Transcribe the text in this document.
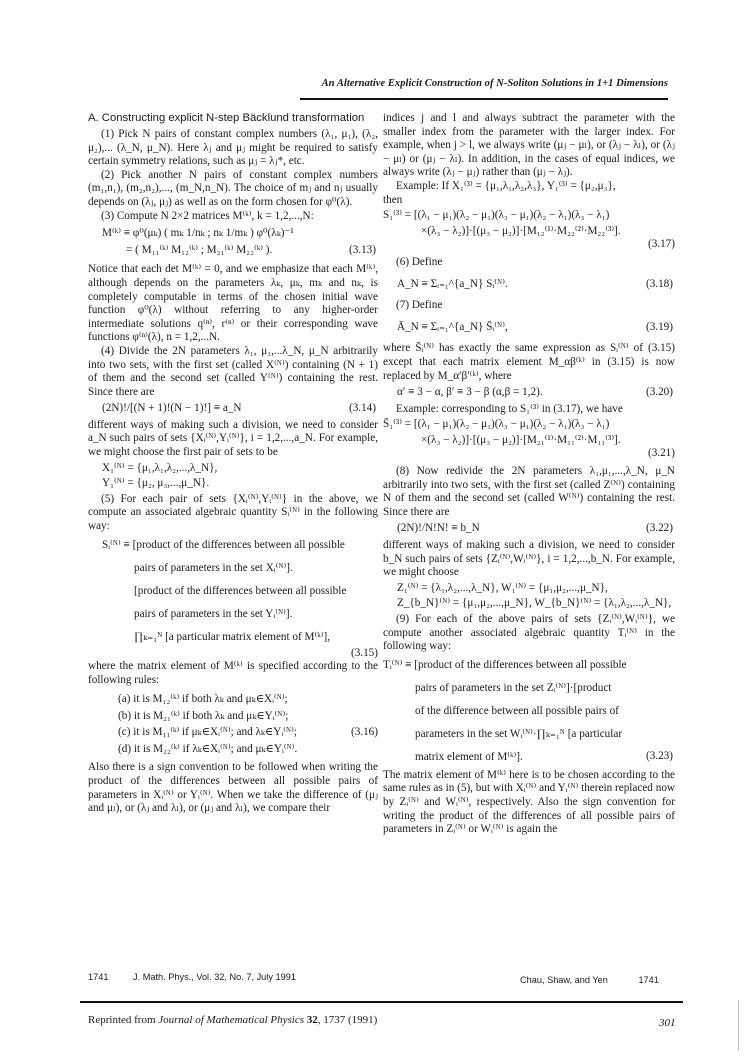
An Alternative Explicit Construction of N-Soliton Solutions in 1+1 Dimensions
A. Constructing explicit N-step Bäcklund transformation

(1) Pick N pairs of constant complex numbers (λ₁, μ₁), (λ₂, μ₂),... (λ_N, μ_N). Here λⱼ and μⱼ might be required to satisfy certain symmetry relations, such as μⱼ = λⱼ*, etc.

(2) Pick another N pairs of constant complex numbers (m₁,n₁), (m₂,n₂),..., (m_N,n_N). The choice of mⱼ and nⱼ usually depends on (λⱼ, μⱼ) as well as on the form chosen for φ⁰(λ).

(3) Compute N 2×2 matrices M⁽ᵏ⁾, k = 1,2,...,N:

M⁽ᵏ⁾ ≡ φ⁰(μₖ) ( mₖ 1/nₖ ; nₖ 1/mₖ ) φ⁰(λₖ)⁻¹
= ( M₁₁⁽ᵏ⁾ M₁₂⁽ᵏ⁾ ; M₂₁⁽ᵏ⁾ M₂₂⁽ᵏ⁾ ).	(3.13)

Notice that each det M⁽ᵏ⁾ = 0, and we emphasize that each M⁽ᵏ⁾, although depends on the parameters λₖ, μₖ, mₖ and nₖ, is completely computable in terms of the chosen initial wave function φ⁰(λ) without referring to any higher-order intermediate solutions q⁽ⁿ⁾, r⁽ⁿ⁾ or their corresponding wave functions φ⁽ⁿ⁾(λ), n = 1,2,...N.

(4) Divide the 2N parameters λ₁, μ₁,...λ_N, μ_N arbitrarily into two sets, with the first set (called X⁽ᴺ⁾) containing (N + 1) of them and the second set (called Y⁽ᴺ⁾) containing the rest. Since there are

(2N)!/[(N + 1)!(N − 1)!] ≡ a_N	(3.14)

different ways of making such a division, we need to consider a_N such pairs of sets {Xᵢ⁽ᴺ⁾,Yᵢ⁽ᴺ⁾}, i = 1,2,...,a_N. For example, we might choose the first pair of sets to be

X₁⁽ᴺ⁾ = {μ₁,λ₁,λ₂,...,λ_N},
Y₁⁽ᴺ⁾ = {μ₂, μ₃,...,μ_N}.

(5) For each pair of sets {Xᵢ⁽ᴺ⁾,Yᵢ⁽ᴺ⁾} in the above, we compute an associated algebraic quantity Sᵢ⁽ᴺ⁾ in the following way:

Sᵢ⁽ᴺ⁾ ≡ [product of the differences between all possible
pairs of parameters in the set Xᵢ⁽ᴺ⁾].
[product of the differences between all possible
pairs of parameters in the set Yᵢ⁽ᴺ⁾].
∏ₖ₌₁ᴺ [a particular matrix element of M⁽ᵏ⁾],
(3.15)

where the matrix element of M⁽ᵏ⁾ is specified according to the following rules:

(a) it is M₁₂⁽ᵏ⁾ if both λₖ and μₖ∈Xᵢ⁽ᴺ⁾;
(b) it is M₂₁⁽ᵏ⁾ if both λₖ and μₖ∈Yᵢ⁽ᴺ⁾;
(c) it is M₁₁⁽ᵏ⁾ if μₖ∈Xᵢ⁽ᴺ⁾; and λₖ∈Yᵢ⁽ᴺ⁾;	(3.16)
(d) it is M₂₂⁽ᵏ⁾ if λₖ∈Xᵢ⁽ᴺ⁾; and μₖ∈Yᵢ⁽ᴺ⁾.

Also there is a sign convention to be followed when writing the product of the differences between all possible pairs of parameters in Xᵢ⁽ᴺ⁾ or Yᵢ⁽ᴺ⁾. When we take the difference of (μⱼ and μₗ), or (λⱼ and λₗ), or (μⱼ and λₗ), we compare their

indices j and l and always subtract the parameter with the smaller index from the parameter with the larger index. For example, when j > l, we always write (μⱼ − μₗ), or (λⱼ − λₗ), or (λⱼ − μₗ) or (μⱼ − λₗ). In addition, in the cases of equal indices, we always write (λⱼ − μⱼ) rather than (μⱼ − λⱼ).

Example: If X₁⁽³⁾ = {μ₁,λ₁,λ₂,λ₃}, Y₁⁽³⁾ = {μ₂,μ₃},

then

S₁⁽³⁾ = [(λ₁ − μ₁)(λ₂ − μ₁)(λ₃ − μ₁)(λ₂ − λ₁)(λ₃ − λ₁)
×(λ₃ − λ₂)]·[(μ₃ − μ₂)]·[M₁₂⁽¹⁾·M₂₂⁽²⁾·M₂₂⁽³⁾].
(3.17)

(6) Define

A_N ≡ Σᵢ₌₁^{a_N} Sᵢ⁽ᴺ⁾.	(3.18)

(7) Define

Ā_N ≡ Σᵢ₌₁^{a_N} S̄ᵢ⁽ᴺ⁾,	(3.19)

where S̄ᵢ⁽ᴺ⁾ has exactly the same expression as Sᵢ⁽ᴺ⁾ of (3.15) except that each matrix element M_αβ⁽ᵏ⁾ in (3.15) is now replaced by M_α′β′⁽ᵏ⁾, where

α′ ≡ 3 − α, β′ ≡ 3 − β (α,β = 1,2).	(3.20)

Example: corresponding to S₁⁽³⁾ in (3.17), we have

S̄₁⁽³⁾ = [(λ₁ − μ₁)(λ₂ − μ₁)(λ₃ − μ₁)(λ₂ − λ₁)(λ₃ − λ₁)
×(λ₃ − λ₂)]·[(μ₃ − μ₂)]·[M₂₁⁽¹⁾·M₁₁⁽²⁾·M₁₁⁽³⁾].
(3.21)

(8) Now redivide the 2N parameters λ₁,μ₁,...,λ_N, μ_N arbitrarily into two sets, with the first set (called Z⁽ᴺ⁾) containing N of them and the second set (called W⁽ᴺ⁾) containing the rest. Since there are

(2N)!/N!N! ≡ b_N	(3.22)

different ways of making such a division, we need to consider b_N such pairs of sets {Zᵢ⁽ᴺ⁾,Wᵢ⁽ᴺ⁾}, i = 1,2,...,b_N. For example, we might choose

Z₁⁽ᴺ⁾ = {λ₁,λ₂,...,λ_N}, W₁⁽ᴺ⁾ = {μ₁,μ₂,...,μ_N},
Z_{b_N}⁽ᴺ⁾ = {μ₁,μ₂,...,μ_N}, W_{b_N}⁽ᴺ⁾ = {λ₁,λ₂,...,λ_N},

(9) For each of the above pairs of sets {Zᵢ⁽ᴺ⁾,Wᵢ⁽ᴺ⁾}, we compute another associated algebraic quantity Tᵢ⁽ᴺ⁾ in the following way:

Tᵢ⁽ᴺ⁾ ≡ [product of the differences between all possible
pairs of parameters in the set Zᵢ⁽ᴺ⁾]·[product
of the difference between all possible pairs of
parameters in the set Wᵢ⁽ᴺ⁾·∏ₖ₌₁ᴺ [a particular
matrix element of M⁽ᵏ⁾].	(3.23)

The matrix element of M⁽ᵏ⁾ here is to be chosen according to the same rules as in (5), but with Xᵢ⁽ᴺ⁾ and Yᵢ⁽ᴺ⁾ therein replaced now by Zᵢ⁽ᴺ⁾ and Wᵢ⁽ᴺ⁾, respectively. Also the sign convention for writing the product of the differences of all possible pairs of parameters in Zᵢ⁽ᴺ⁾ or Wᵢ⁽ᴺ⁾ is again the

1741	J. Math. Phys., Vol. 32, No. 7, July 1991	Chau, Shaw, and Yen	1741
Reprinted from Journal of Mathematical Physics 32, 1737 (1991)	301
